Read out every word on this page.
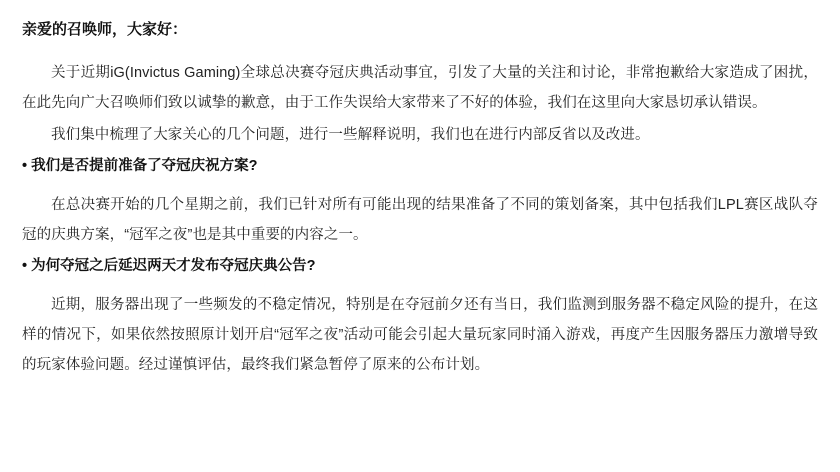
亲爱的召唤师，大家好：

关于近期iG(Invictus Gaming)全球总决赛夺冠庆典活动事宜，引发了大量的关注和讨论，非常抱歉给大家造成了困扰，在此先向广大召唤师们致以诚挚的歉意，由于工作失误给大家带来了不好的体验，我们在这里向大家恳切承认错误。

我们集中梳理了大家关心的几个问题，进行一些解释说明，我们也在进行内部反省以及改进。

• 我们是否提前准备了夺冠庆祝方案?

在总决赛开始的几个星期之前，我们已针对所有可能出现的结果准备了不同的策划备案，其中包括我们LPL赛区战队夺冠的庆典方案，“冠军之夜”也是其中重要的内容之一。

• 为何夺冠之后延迟两天才发布夺冠庆典公告?

近期，服务器出现了一些频发的不稳定情况，特别是在夺冠前夕还有当日，我们监测到服务器不稳定风险的提升，在这样的情况下，如果依然按照原计划开启“冠军之夜”活动可能会引起大量玩家同时涌入游戏，再度产生因服务器压力激增导致的玩家体验问题。经过谨慎评估，最终我们紧急暂停了原来的公布计划。
